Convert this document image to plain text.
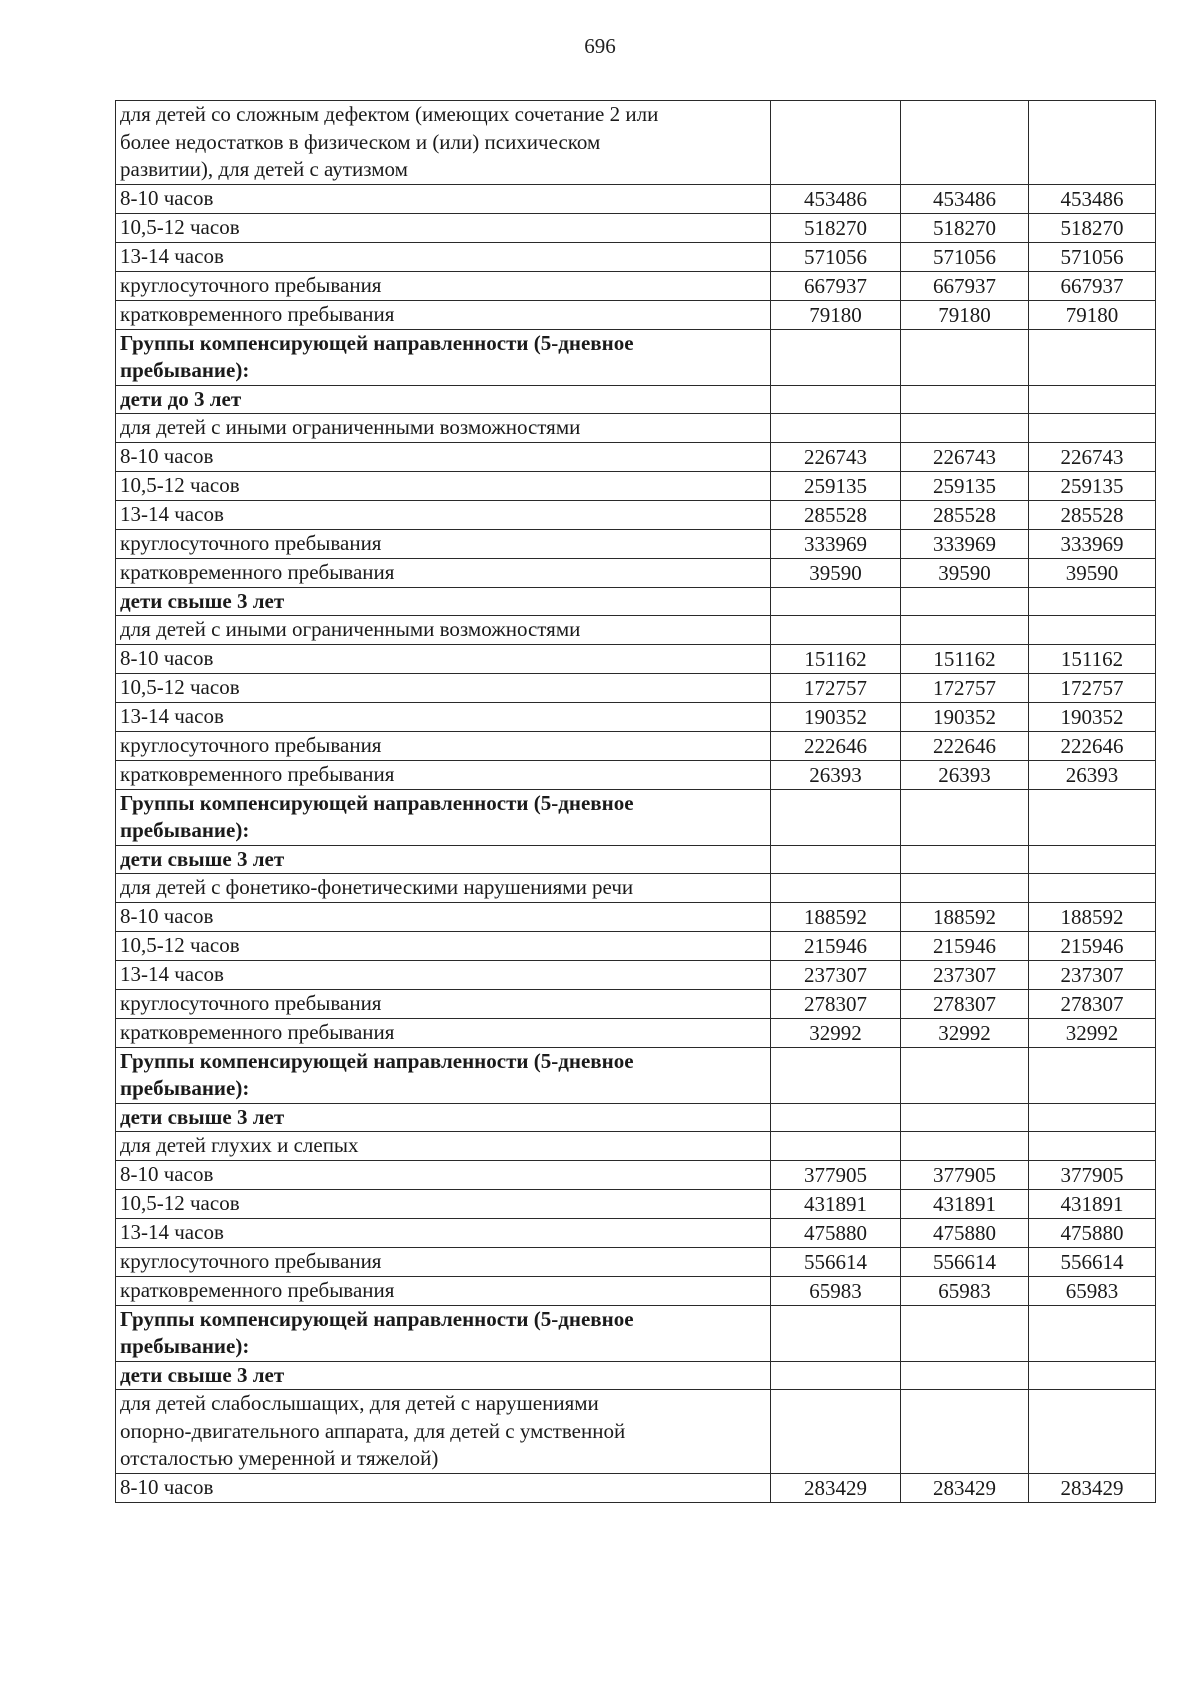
696
для детей со сложным дефектом (имеющих сочетание 2 или
более недостатков в физическом и (или) психическом
развитии), для детей с аутизмом			
8-10 часов	453486	453486	453486
10,5-12 часов	518270	518270	518270
13-14 часов	571056	571056	571056
круглосуточного пребывания	667937	667937	667937
кратковременного пребывания	79180	79180	79180
Группы компенсирующей направленности (5-дневное
пребывание):			
дети до 3 лет			
для детей с иными ограниченными возможностями			
8-10 часов	226743	226743	226743
10,5-12 часов	259135	259135	259135
13-14 часов	285528	285528	285528
круглосуточного пребывания	333969	333969	333969
кратковременного пребывания	39590	39590	39590
дети свыше 3 лет			
для детей с иными ограниченными возможностями			
8-10 часов	151162	151162	151162
10,5-12 часов	172757	172757	172757
13-14 часов	190352	190352	190352
круглосуточного пребывания	222646	222646	222646
кратковременного пребывания	26393	26393	26393
Группы компенсирующей направленности (5-дневное
пребывание):			
дети свыше 3 лет			
для детей с фонетико-фонетическими нарушениями речи			
8-10 часов	188592	188592	188592
10,5-12 часов	215946	215946	215946
13-14 часов	237307	237307	237307
круглосуточного пребывания	278307	278307	278307
кратковременного пребывания	32992	32992	32992
Группы компенсирующей направленности (5-дневное
пребывание):			
дети свыше 3 лет			
для детей глухих и слепых			
8-10 часов	377905	377905	377905
10,5-12 часов	431891	431891	431891
13-14 часов	475880	475880	475880
круглосуточного пребывания	556614	556614	556614
кратковременного пребывания	65983	65983	65983
Группы компенсирующей направленности (5-дневное
пребывание):			
дети свыше 3 лет			
для детей слабослышащих, для детей с нарушениями
опорно-двигательного аппарата, для детей с умственной
отсталостью умеренной и тяжелой)			
8-10 часов	283429	283429	283429
